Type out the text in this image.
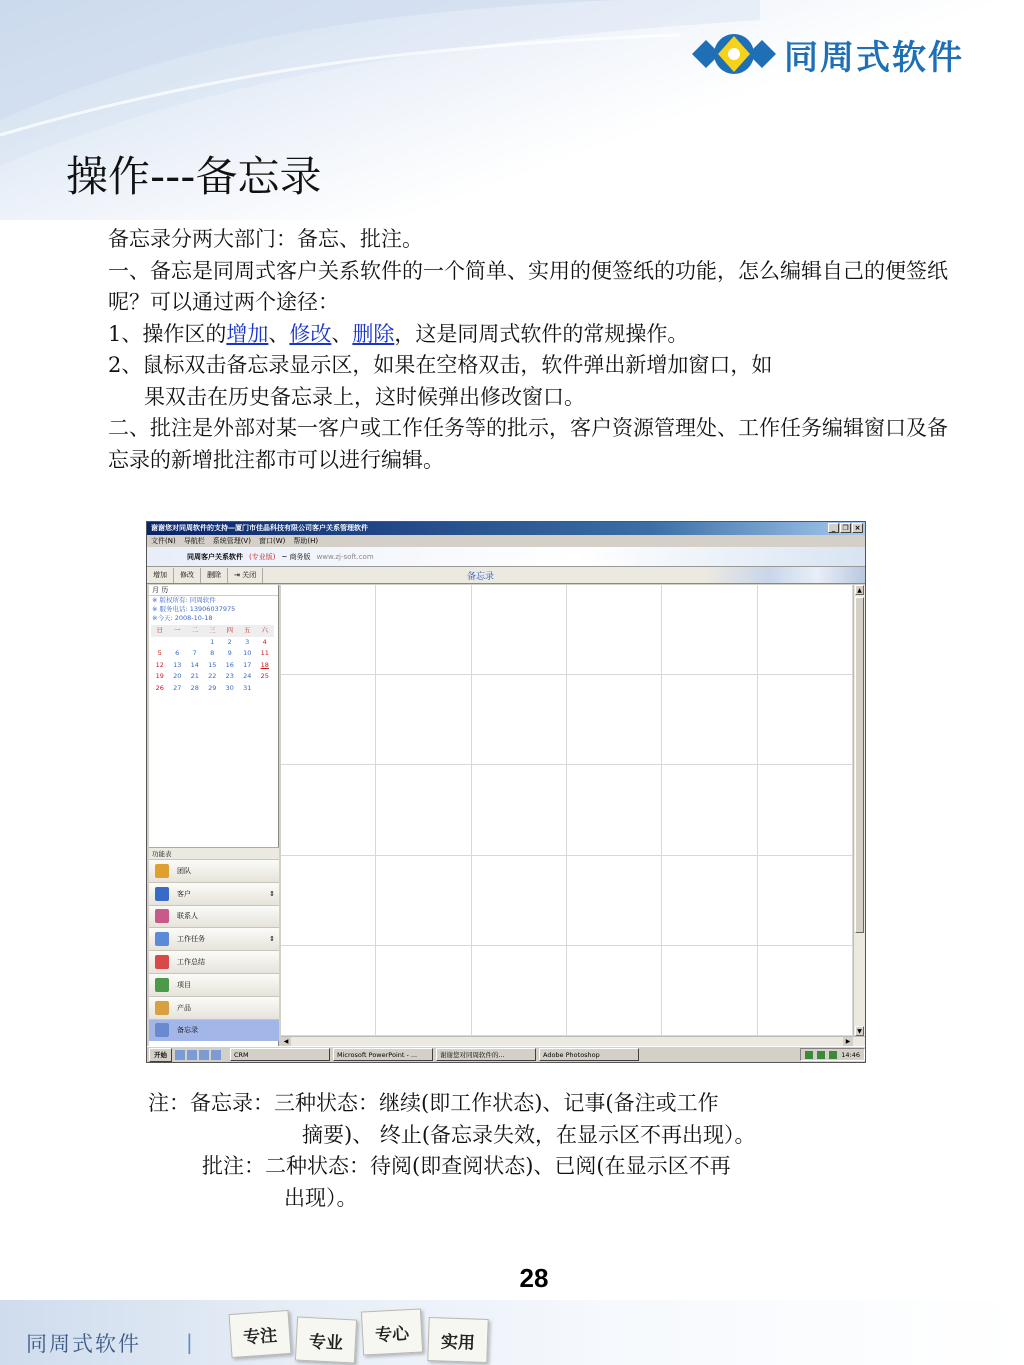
同周式软件
操作---备忘录

备忘录分两大部门：备忘、批注。

一、备忘是同周式客户关系软件的一个简单、实用的便签纸的功能，怎么编辑自己的便签纸呢？可以通过两个途径：

1、操作区的增加、修改、删除，这是同周式软件的常规操作。

2、鼠标双击备忘录显示区，如果在空格双击，软件弹出新增加窗口，如

果双击在历史备忘录上，这时候弹出修改窗口。

二、批注是外部对某一客户或工作任务等的批示，客户资源管理处、工作任务编辑窗口及备忘录的新增批注都市可以进行编辑。

谢谢您对同周软件的支持—厦门市佳晶科技有限公司客户关系管理软件	_	❐ ×
文件(N) 导航栏 系统管理(V) 窗口(W) 帮助(H)
同周客户关系软件 (专业版) ~ 商务版 www.zj-soft.com
增加	修改	删除	⇥ 关闭	备忘录
月 历
※ 版权所有: 同周软件
※ 服务电话: 13906037975
※今天: 2008-10-18
日	一	二	三	四	五	六
1	2	3	4
5	6	7	8	9	10	11
12	13	14	15	16	17	18
19	20	21	22	23	24	25
26	27	28	29	30	31
功能表
团队
客户	⇕
联系人
工作任务	⇕
工作总结
项目
产品
备忘录
▲
▼
◀	▶
开始	CRM	Microsoft PowerPoint - ...	谢谢您对同周软件的...	Adobe Photoshop	14:46

注：备忘录：三种状态：继续(即工作状态)、记事(备注或工作

摘要)、 终止(备忘录失效，在显示区不再出现）。

批注：二种状态：待阅(即查阅状态)、已阅(在显示区不再

出现）。

28
同周式软件 |	专注	专业	专心	实用
